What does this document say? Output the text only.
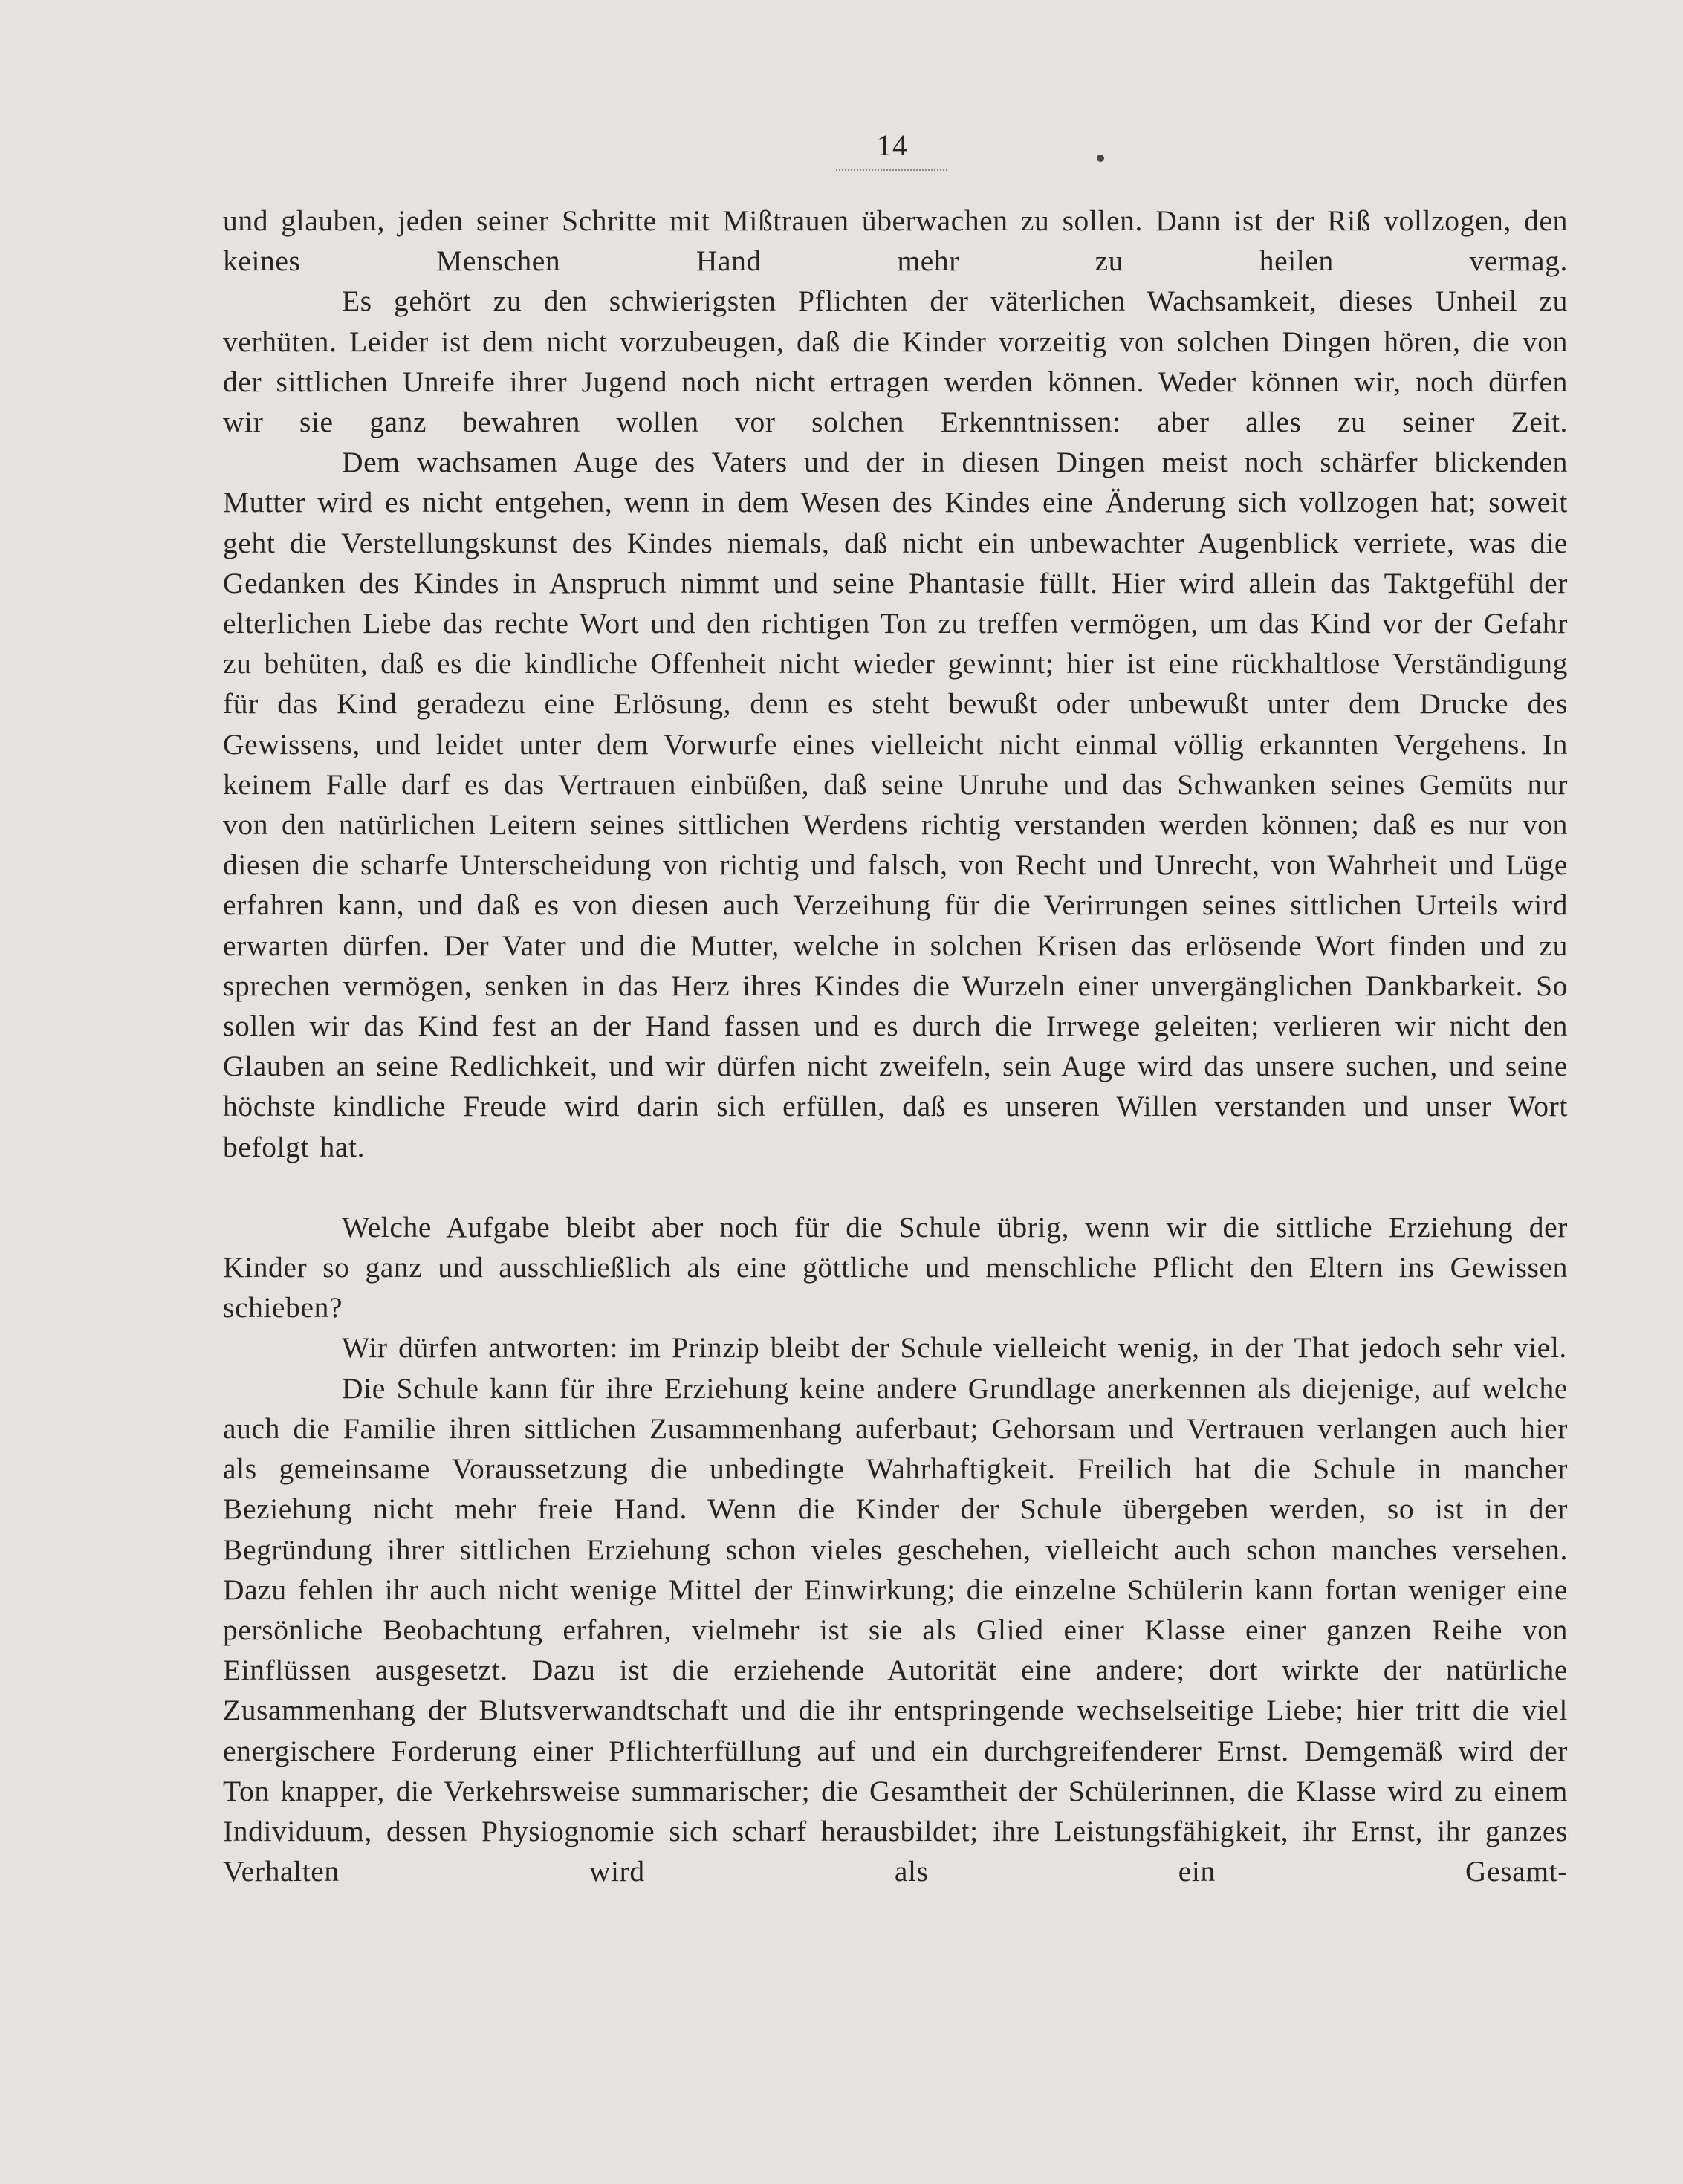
14

und glauben, jeden seiner Schritte mit Mißtrauen überwachen zu sollen. Dann ist der Riß vollzogen, den keines Menschen Hand mehr zu heilen vermag.

Es gehört zu den schwierigsten Pflichten der väterlichen Wachsamkeit, dieses Unheil zu verhüten. Leider ist dem nicht vorzubeugen, daß die Kinder vorzeitig von solchen Dingen hören, die von der sittlichen Unreife ihrer Jugend noch nicht ertragen werden können. Weder können wir, noch dürfen wir sie ganz bewahren wollen vor solchen Erkenntnissen: aber alles zu seiner Zeit.

Dem wachsamen Auge des Vaters und der in diesen Dingen meist noch schärfer blickenden Mutter wird es nicht entgehen, wenn in dem Wesen des Kindes eine Änderung sich vollzogen hat; soweit geht die Verstellungskunst des Kindes niemals, daß nicht ein unbewachter Augenblick verriete, was die Gedanken des Kindes in Anspruch nimmt und seine Phantasie füllt. Hier wird allein das Taktgefühl der elterlichen Liebe das rechte Wort und den richtigen Ton zu treffen vermögen, um das Kind vor der Gefahr zu behüten, daß es die kindliche Offenheit nicht wieder gewinnt; hier ist eine rückhaltlose Verständigung für das Kind geradezu eine Erlösung, denn es steht bewußt oder unbewußt unter dem Drucke des Gewissens, und leidet unter dem Vorwurfe eines vielleicht nicht einmal völlig erkannten Vergehens. In keinem Falle darf es das Vertrauen einbüßen, daß seine Unruhe und das Schwanken seines Gemüts nur von den natürlichen Leitern seines sittlichen Werdens richtig verstanden werden können; daß es nur von diesen die scharfe Unterscheidung von richtig und falsch, von Recht und Unrecht, von Wahrheit und Lüge erfahren kann, und daß es von diesen auch Verzeihung für die Verirrungen seines sittlichen Urteils wird erwarten dürfen. Der Vater und die Mutter, welche in solchen Krisen das erlösende Wort finden und zu sprechen vermögen, senken in das Herz ihres Kindes die Wurzeln einer unvergänglichen Dankbarkeit. So sollen wir das Kind fest an der Hand fassen und es durch die Irrwege geleiten; verlieren wir nicht den Glauben an seine Redlichkeit, und wir dürfen nicht zweifeln, sein Auge wird das unsere suchen, und seine höchste kindliche Freude wird darin sich erfüllen, daß es unseren Willen verstanden und unser Wort befolgt hat.

Welche Aufgabe bleibt aber noch für die Schule übrig, wenn wir die sittliche Erziehung der Kinder so ganz und ausschließlich als eine göttliche und menschliche Pflicht den Eltern ins Gewissen schieben?

Wir dürfen antworten: im Prinzip bleibt der Schule vielleicht wenig, in der That jedoch sehr viel.

Die Schule kann für ihre Erziehung keine andere Grundlage anerkennen als diejenige, auf welche auch die Familie ihren sittlichen Zusammenhang auferbaut; Gehorsam und Vertrauen verlangen auch hier als gemeinsame Voraussetzung die unbedingte Wahrhaftigkeit. Freilich hat die Schule in mancher Beziehung nicht mehr freie Hand. Wenn die Kinder der Schule übergeben werden, so ist in der Begründung ihrer sittlichen Erziehung schon vieles geschehen, vielleicht auch schon manches versehen. Dazu fehlen ihr auch nicht wenige Mittel der Einwirkung; die einzelne Schülerin kann fortan weniger eine persönliche Beobachtung erfahren, vielmehr ist sie als Glied einer Klasse einer ganzen Reihe von Einflüssen ausgesetzt. Dazu ist die erziehende Autorität eine andere; dort wirkte der natürliche Zusammenhang der Blutsverwandtschaft und die ihr entspringende wechselseitige Liebe; hier tritt die viel energischere Forderung einer Pflichterfüllung auf und ein durchgreifenderer Ernst. Demgemäß wird der Ton knapper, die Verkehrsweise summarischer; die Gesamtheit der Schülerinnen, die Klasse wird zu einem Individuum, dessen Physiognomie sich scharf herausbildet; ihre Leistungsfähigkeit, ihr Ernst, ihr ganzes Verhalten wird als ein Gesamt-
